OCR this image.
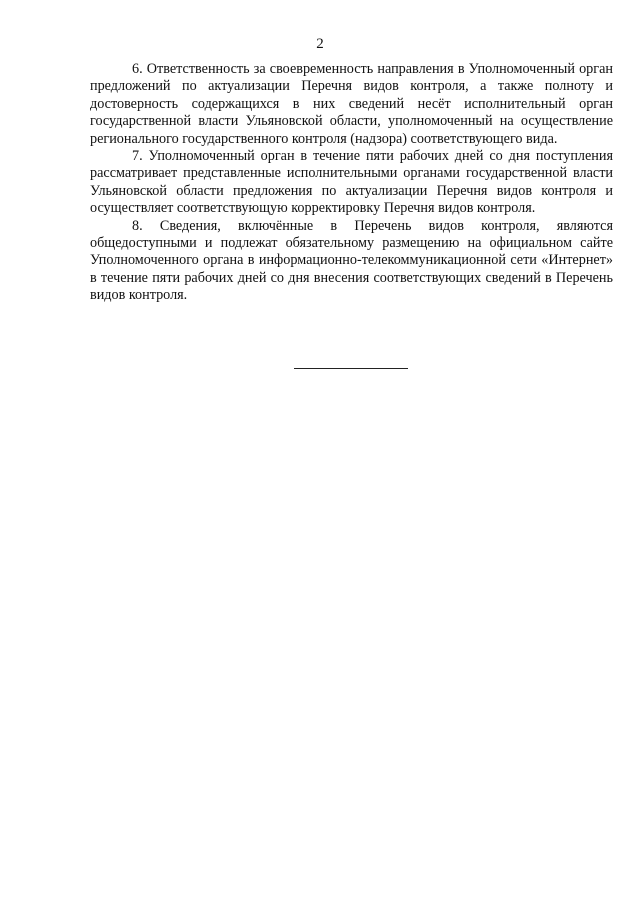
2

6. Ответственность за своевременность направления в Уполномоченный орган предложений по актуализации Перечня видов контроля, а также полноту и достоверность содержащихся в них сведений несёт исполнительный орган государственной власти Ульяновской области, уполномоченный на осуществление регионального государственного контроля (надзора) соответствующего вида.

7. Уполномоченный орган в течение пяти рабочих дней со дня поступления рассматривает представленные исполнительными органами государственной власти Ульяновской области предложения по актуализации Перечня видов контроля и осуществляет соответствующую корректировку Перечня видов контроля.

8. Сведения, включённые в Перечень видов контроля, являются общедоступными и подлежат обязательному размещению на официальном сайте Уполномоченного органа в информационно-телекоммуникационной сети «Интернет» в течение пяти рабочих дней со дня внесения соответствующих сведений в Перечень видов контроля.
